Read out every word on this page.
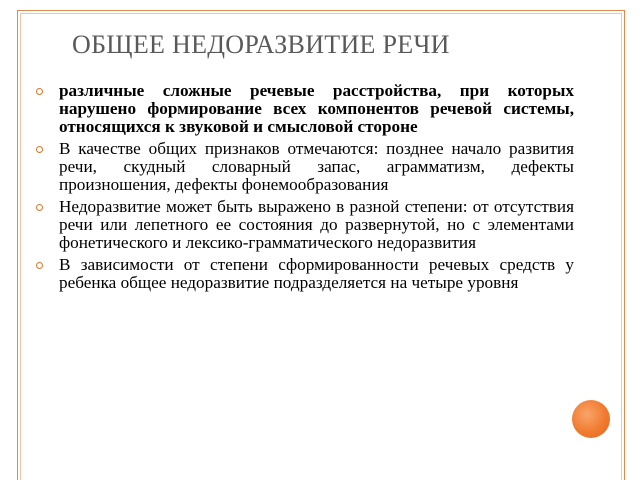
ОБЩЕЕ НЕДОРАЗВИТИЕ РЕЧИ
различные сложные речевые расстройства, при которых нарушено формирование всех компонентов речевой системы, относящихся к звуковой и смысловой стороне
В качестве общих признаков отмечаются: позднее начало развития речи, скудный словарный запас, аграмматизм, дефекты произношения, дефекты фонемообразования
Недоразвитие может быть выражено в разной степени: от отсутствия речи или лепетного ее состояния до развернутой, но с элементами фонетического и лексико-грамматического недоразвития
В зависимости от степени сформированности речевых средств у ребенка общее недоразвитие подразделяется на четыре уровня
